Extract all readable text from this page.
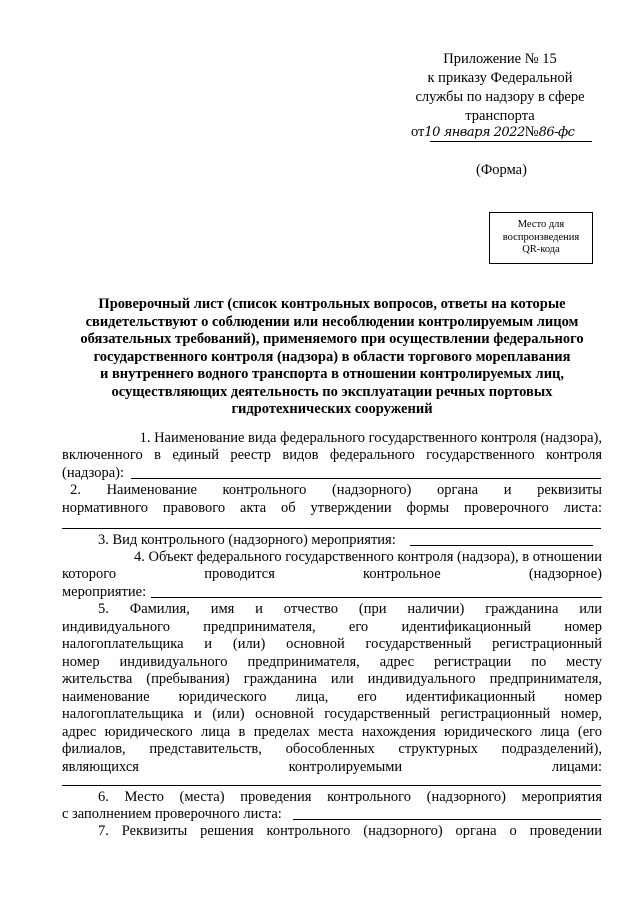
Приложение № 15
к приказу Федеральной
службы по надзору в сфере
транспорта
от10 января 2022№86-фс
(Форма)
Место для
воспроизведения
QR-кода
Проверочный лист (список контрольных вопросов, ответы на которые
свидетельствуют о соблюдении или несоблюдении контролируемым лицом
обязательных требований), применяемого при осуществлении федерального
государственного контроля (надзора) в области торгового мореплавания
и внутреннего водного транспорта в отношении контролируемых лиц,
осуществляющих деятельность по эксплуатации речных портовых
гидротехнических сооружений
1. Наименование вида федерального государственного контроля (надзора),
включенного в единый реестр видов федерального государственного контроля
(надзора):
2. Наименование контрольного (надзорного) органа и реквизиты
нормативного правового акта об утверждении формы проверочного листа:
3. Вид контрольного (надзорного) мероприятия:
4. Объект федерального государственного контроля (надзора), в отношении
которого проводится контрольное (надзорное)
мероприятие:
5. Фамилия, имя и отчество (при наличии) гражданина или
индивидуального предпринимателя, его идентификационный номер
налогоплательщика и (или) основной государственный регистрационный
номер индивидуального предпринимателя, адрес регистрации по месту
жительства (пребывания) гражданина или индивидуального предпринимателя,
наименование юридического лица, его идентификационный номер
налогоплательщика и (или) основной государственный регистрационный номер,
адрес юридического лица в пределах места нахождения юридического лица (его
филиалов, представительств, обособленных структурных подразделений),
являющихся контролируемыми лицами:
6. Место (места) проведения контрольного (надзорного) мероприятия
с заполнением проверочного листа:
7. Реквизиты решения контрольного (надзорного) органа о проведении
